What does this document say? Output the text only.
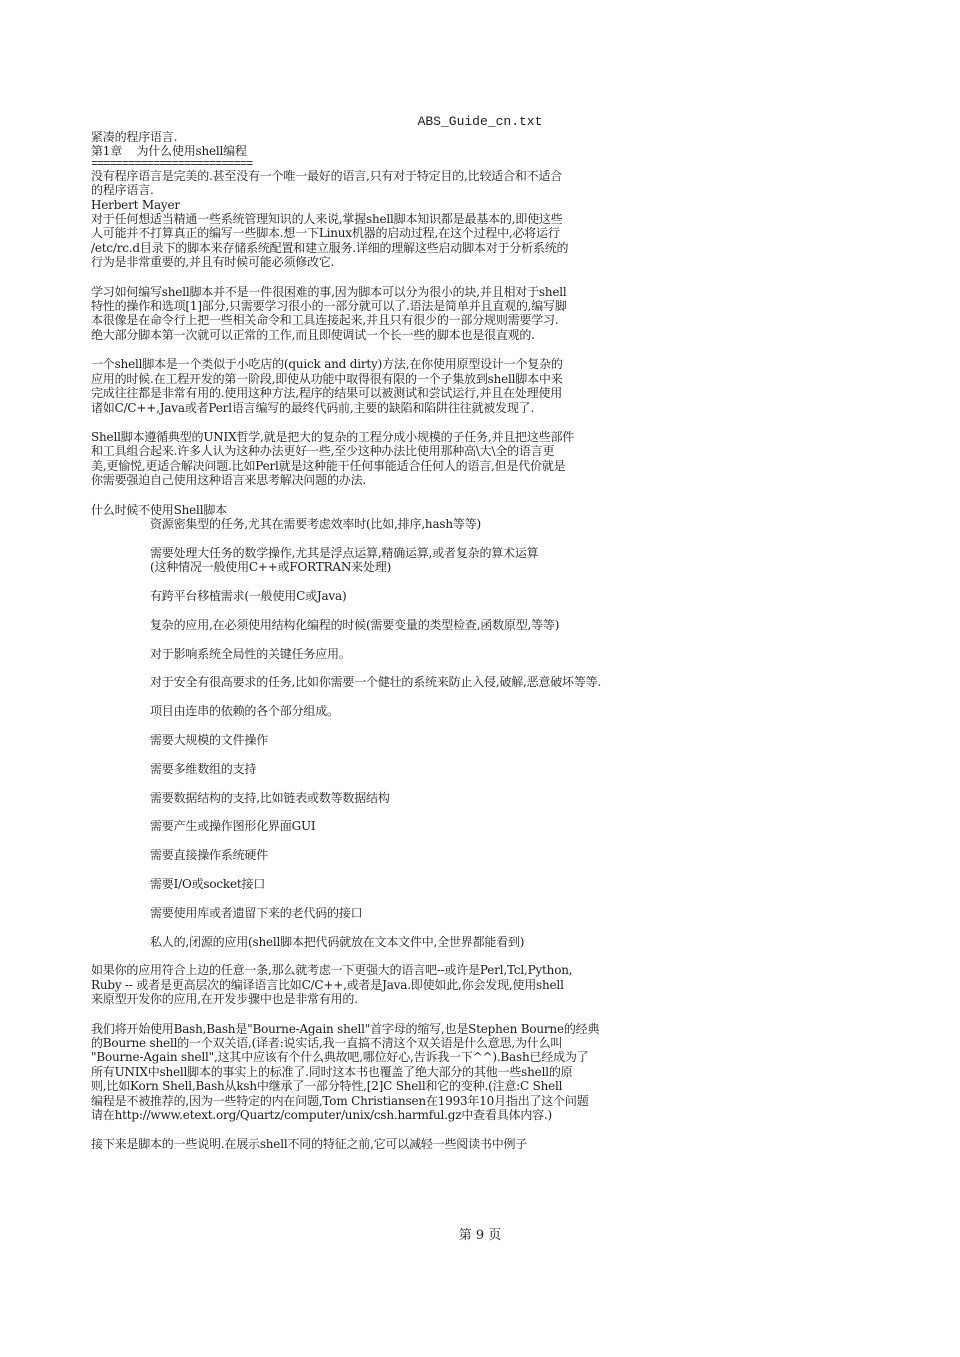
ABS_Guide_cn.txt

紧凑的程序语言.

第1章    为什么使用shell编程

==========================

没有程序语言是完美的.甚至没有一个唯一最好的语言,只有对于特定目的,比较适合和不适合

的程序语言.

Herbert Mayer

对于任何想适当精通一些系统管理知识的人来说,掌握shell脚本知识都是最基本的,即使这些

人可能并不打算真正的编写一些脚本.想一下Linux机器的启动过程,在这个过程中,必将运行

/etc/rc.d目录下的脚本来存储系统配置和建立服务.详细的理解这些启动脚本对于分析系统的

行为是非常重要的,并且有时候可能必须修改它.

学习如何编写shell脚本并不是一件很困难的事,因为脚本可以分为很小的块,并且相对于shell

特性的操作和选项[1]部分,只需要学习很小的一部分就可以了.语法是简单并且直观的,编写脚

本很像是在命令行上把一些相关命令和工具连接起来,并且只有很少的一部分规则需要学习.

绝大部分脚本第一次就可以正常的工作,而且即使调试一个长一些的脚本也是很直观的.

一个shell脚本是一个类似于小吃店的(quick and dirty)方法,在你使用原型设计一个复杂的

应用的时候.在工程开发的第一阶段,即使从功能中取得很有限的一个子集放到shell脚本中来

完成往往都是非常有用的.使用这种方法,程序的结果可以被测试和尝试运行,并且在处理使用

诸如C/C++,Java或者Perl语言编写的最终代码前,主要的缺陷和陷阱往往就被发现了.

Shell脚本遵循典型的UNIX哲学,就是把大的复杂的工程分成小规模的子任务,并且把这些部件

和工具组合起来.许多人认为这种办法更好一些,至少这种办法比使用那种高\大\全的语言更

美,更愉悦,更适合解决问题.比如Perl就是这种能干任何事能适合任何人的语言,但是代价就是

你需要强迫自己使用这种语言来思考解决问题的办法.

什么时候不使用Shell脚本

资源密集型的任务,尤其在需要考虑效率时(比如,排序,hash等等)
需要处理大任务的数学操作,尤其是浮点运算,精确运算,或者复杂的算术运算
(这种情况一般使用C++或FORTRAN来处理)
有跨平台移植需求(一般使用C或Java)
复杂的应用,在必须使用结构化编程的时候(需要变量的类型检查,函数原型,等等)
对于影响系统全局性的关键任务应用。
对于安全有很高要求的任务,比如你需要一个健壮的系统来防止入侵,破解,恶意破坏等等.
项目由连串的依赖的各个部分组成。
需要大规模的文件操作
需要多维数组的支持
需要数据结构的支持,比如链表或数等数据结构
需要产生或操作图形化界面GUI
需要直接操作系统硬件
需要I/O或socket接口
需要使用库或者遗留下来的老代码的接口
私人的,闭源的应用(shell脚本把代码就放在文本文件中,全世界都能看到)

如果你的应用符合上边的任意一条,那么就考虑一下更强大的语言吧--或许是Perl,Tcl,Python,

Ruby -- 或者是更高层次的编译语言比如C/C++,或者是Java.即使如此,你会发现,使用shell

来原型开发你的应用,在开发步骤中也是非常有用的.

我们将开始使用Bash,Bash是"Bourne-Again shell"首字母的缩写,也是Stephen Bourne的经典

的Bourne shell的一个双关语,(译者:说实话,我一直搞不清这个双关语是什么意思,为什么叫

"Bourne-Again shell",这其中应该有个什么典故吧,哪位好心,告诉我一下^^).Bash已经成为了

所有UNIX中shell脚本的事实上的标准了.同时这本书也覆盖了绝大部分的其他一些shell的原

则,比如Korn Shell,Bash从ksh中继承了一部分特性,[2]C Shell和它的变种.(注意:C Shell

编程是不被推荐的,因为一些特定的内在问题,Tom Christiansen在1993年10月指出了这个问题

请在http://www.etext.org/Quartz/computer/unix/csh.harmful.gz中查看具体内容.)

接下来是脚本的一些说明.在展示shell不同的特征之前,它可以减轻一些阅读书中例子

第 9 页
